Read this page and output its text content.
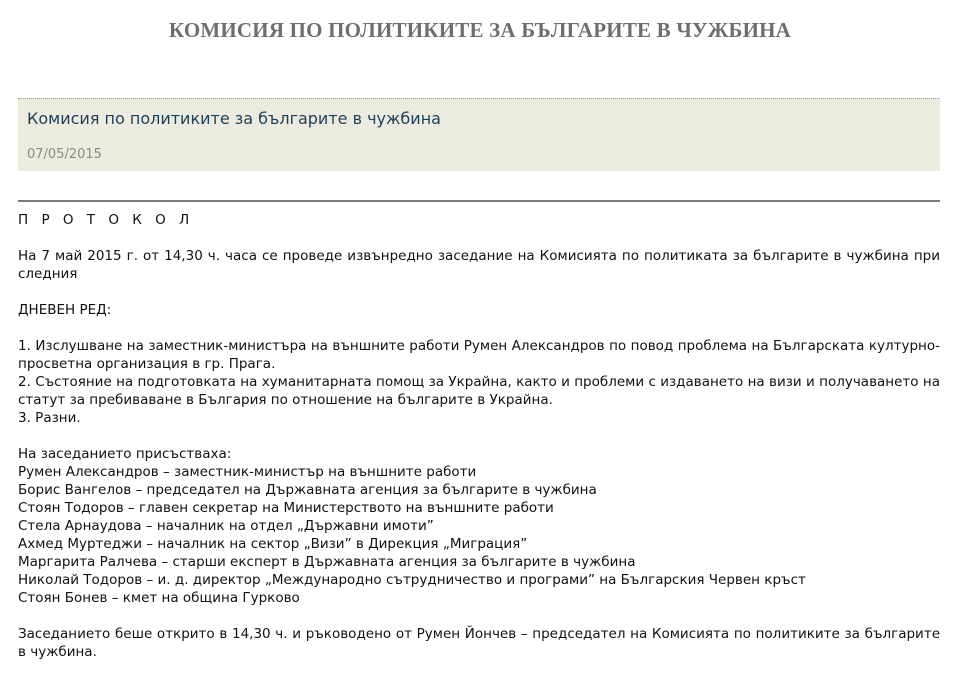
КОМИСИЯ ПО ПОЛИТИКИТЕ ЗА БЪЛГАРИТЕ В ЧУЖБИНА
Комисия по политиките за българите в чужбина
07/05/2015

П Р О Т О К О Л

На 7 май 2015 г. от 14,30 ч. часа се проведе извънредно заседание на Комисията по политиката за българите в чужбина при следния

ДНЕВЕН РЕД:

1. Изслушване на заместник-министъра на външните работи Румен Александров по повод проблема на Българската културно-просветна организация в гр. Прага.

2. Състояние на подготовката на хуманитарната помощ за Украйна, както и проблеми с издаването на визи и получаването на статут за пребиваване в България по отношение на българите в Украйна.

3. Разни.

На заседанието присъстваха:

Румен Александров – заместник-министър на външните работи

Борис Вангелов – председател на Държавната агенция за българите в чужбина

Стоян Тодоров – главен секретар на Министерството на външните работи

Стела Арнаудова – началник на отдел „Държавни имоти”

Ахмед Муртеджи – началник на сектор „Визи” в Дирекция „Миграция”

Маргарита Ралчева – старши експерт в Държавната агенция за българите в чужбина

Николай Тодоров – и. д. директор „Международно сътрудничество и програми” на Българския Червен кръст

Стоян Бонев – кмет на община Гурково

Заседанието беше открито в 14,30 ч. и ръководено от Румен Йончев – председател на Комисията по политиките за българите в чужбина.
